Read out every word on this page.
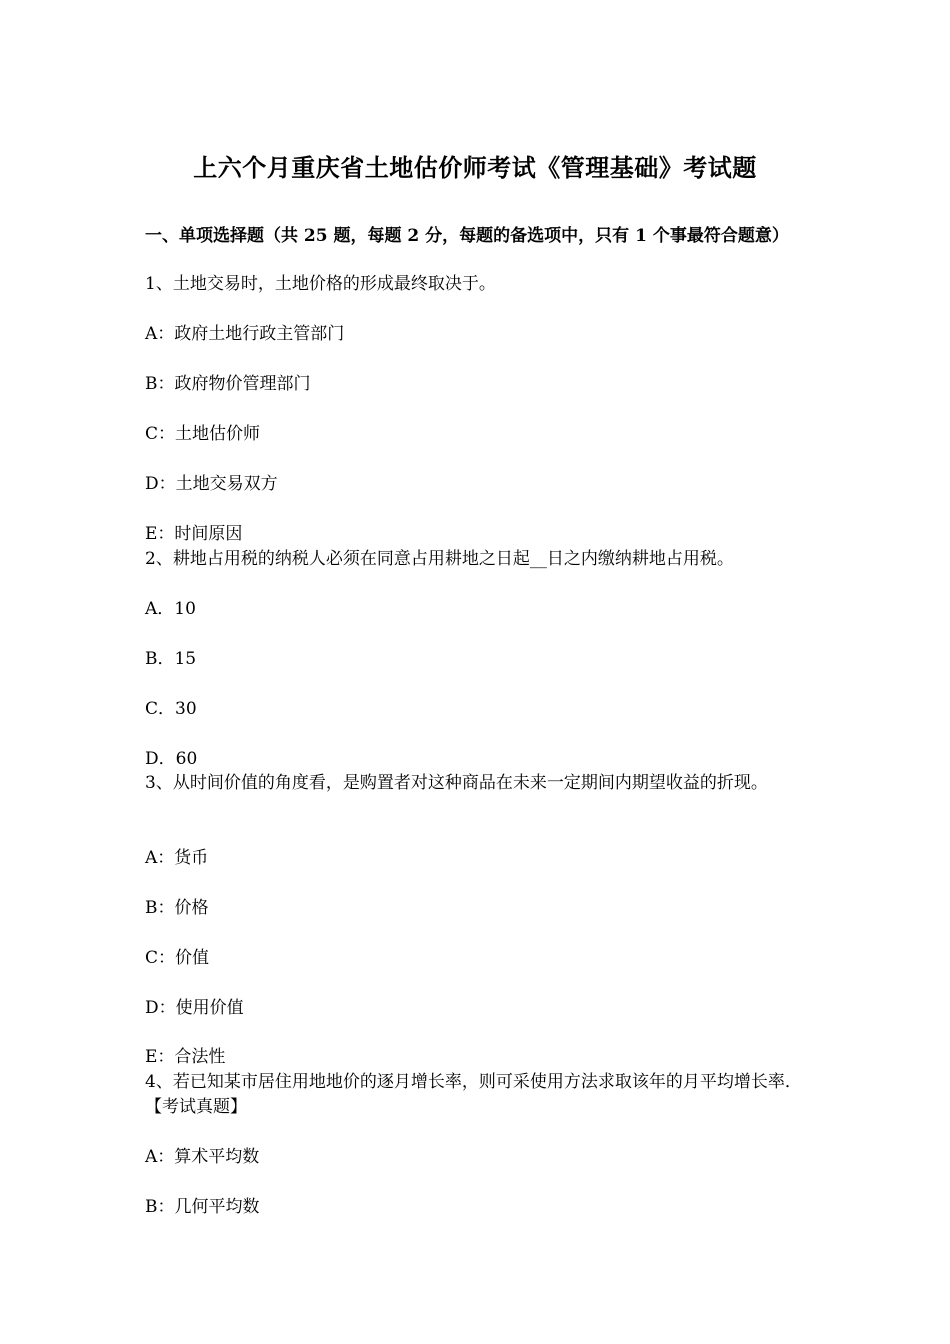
上六个月重庆省土地估价师考试《管理基础》考试题
一、单项选择题（共 25 题，每题 2 分，每题的备选项中，只有 1 个事最符合题意）
1、土地交易时，土地价格的形成最终取决于。
A：政府土地行政主管部门
B：政府物价管理部门
C：土地估价师
D：土地交易双方
E：时间原因
2、耕地占用税的纳税人必须在同意占用耕地之日起__日之内缴纳耕地占用税。
A．10
B．15
C．30
D．60
3、从时间价值的角度看，是购置者对这种商品在未来一定期间内期望收益的折现。
A：货币
B：价格
C：价值
D：使用价值
E：合法性
4、若已知某市居住用地地价的逐月增长率，则可采使用方法求取该年的月平均增长率．【考试真题】
A：算术平均数
B：几何平均数
